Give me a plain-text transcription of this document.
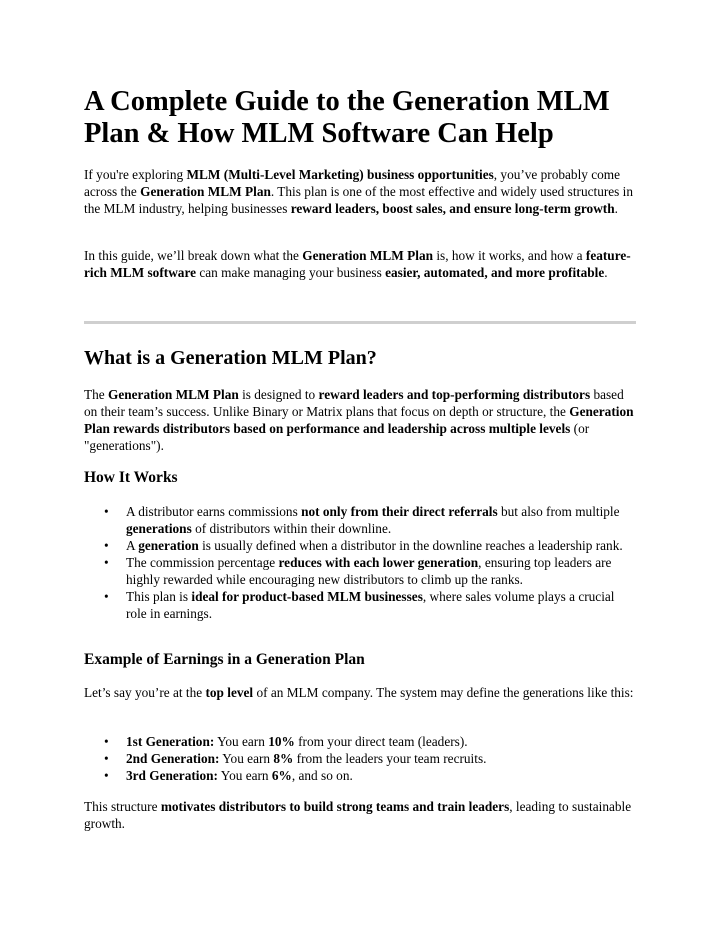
A Complete Guide to the Generation MLM Plan & How MLM Software Can Help

If you're exploring MLM (Multi-Level Marketing) business opportunities, you’ve probably come across the Generation MLM Plan. This plan is one of the most effective and widely used structures in the MLM industry, helping businesses reward leaders, boost sales, and ensure long-term growth.

In this guide, we’ll break down what the Generation MLM Plan is, how it works, and how a feature-rich MLM software can make managing your business easier, automated, and more profitable.

What is a Generation MLM Plan?

The Generation MLM Plan is designed to reward leaders and top-performing distributors based on their team’s success. Unlike Binary or Matrix plans that focus on depth or structure, the Generation Plan rewards distributors based on performance and leadership across multiple levels (or "generations").

How It Works
• A distributor earns commissions not only from their direct referrals but also from multiple generations of distributors within their downline.
• A generation is usually defined when a distributor in the downline reaches a leadership rank.
• The commission percentage reduces with each lower generation, ensuring top leaders are highly rewarded while encouraging new distributors to climb up the ranks.
• This plan is ideal for product-based MLM businesses, where sales volume plays a crucial role in earnings.
Example of Earnings in a Generation Plan

Let’s say you’re at the top level of an MLM company. The system may define the generations like this:

• 1st Generation: You earn 10% from your direct team (leaders).
• 2nd Generation: You earn 8% from the leaders your team recruits.
• 3rd Generation: You earn 6%, and so on.

This structure motivates distributors to build strong teams and train leaders, leading to sustainable growth.
